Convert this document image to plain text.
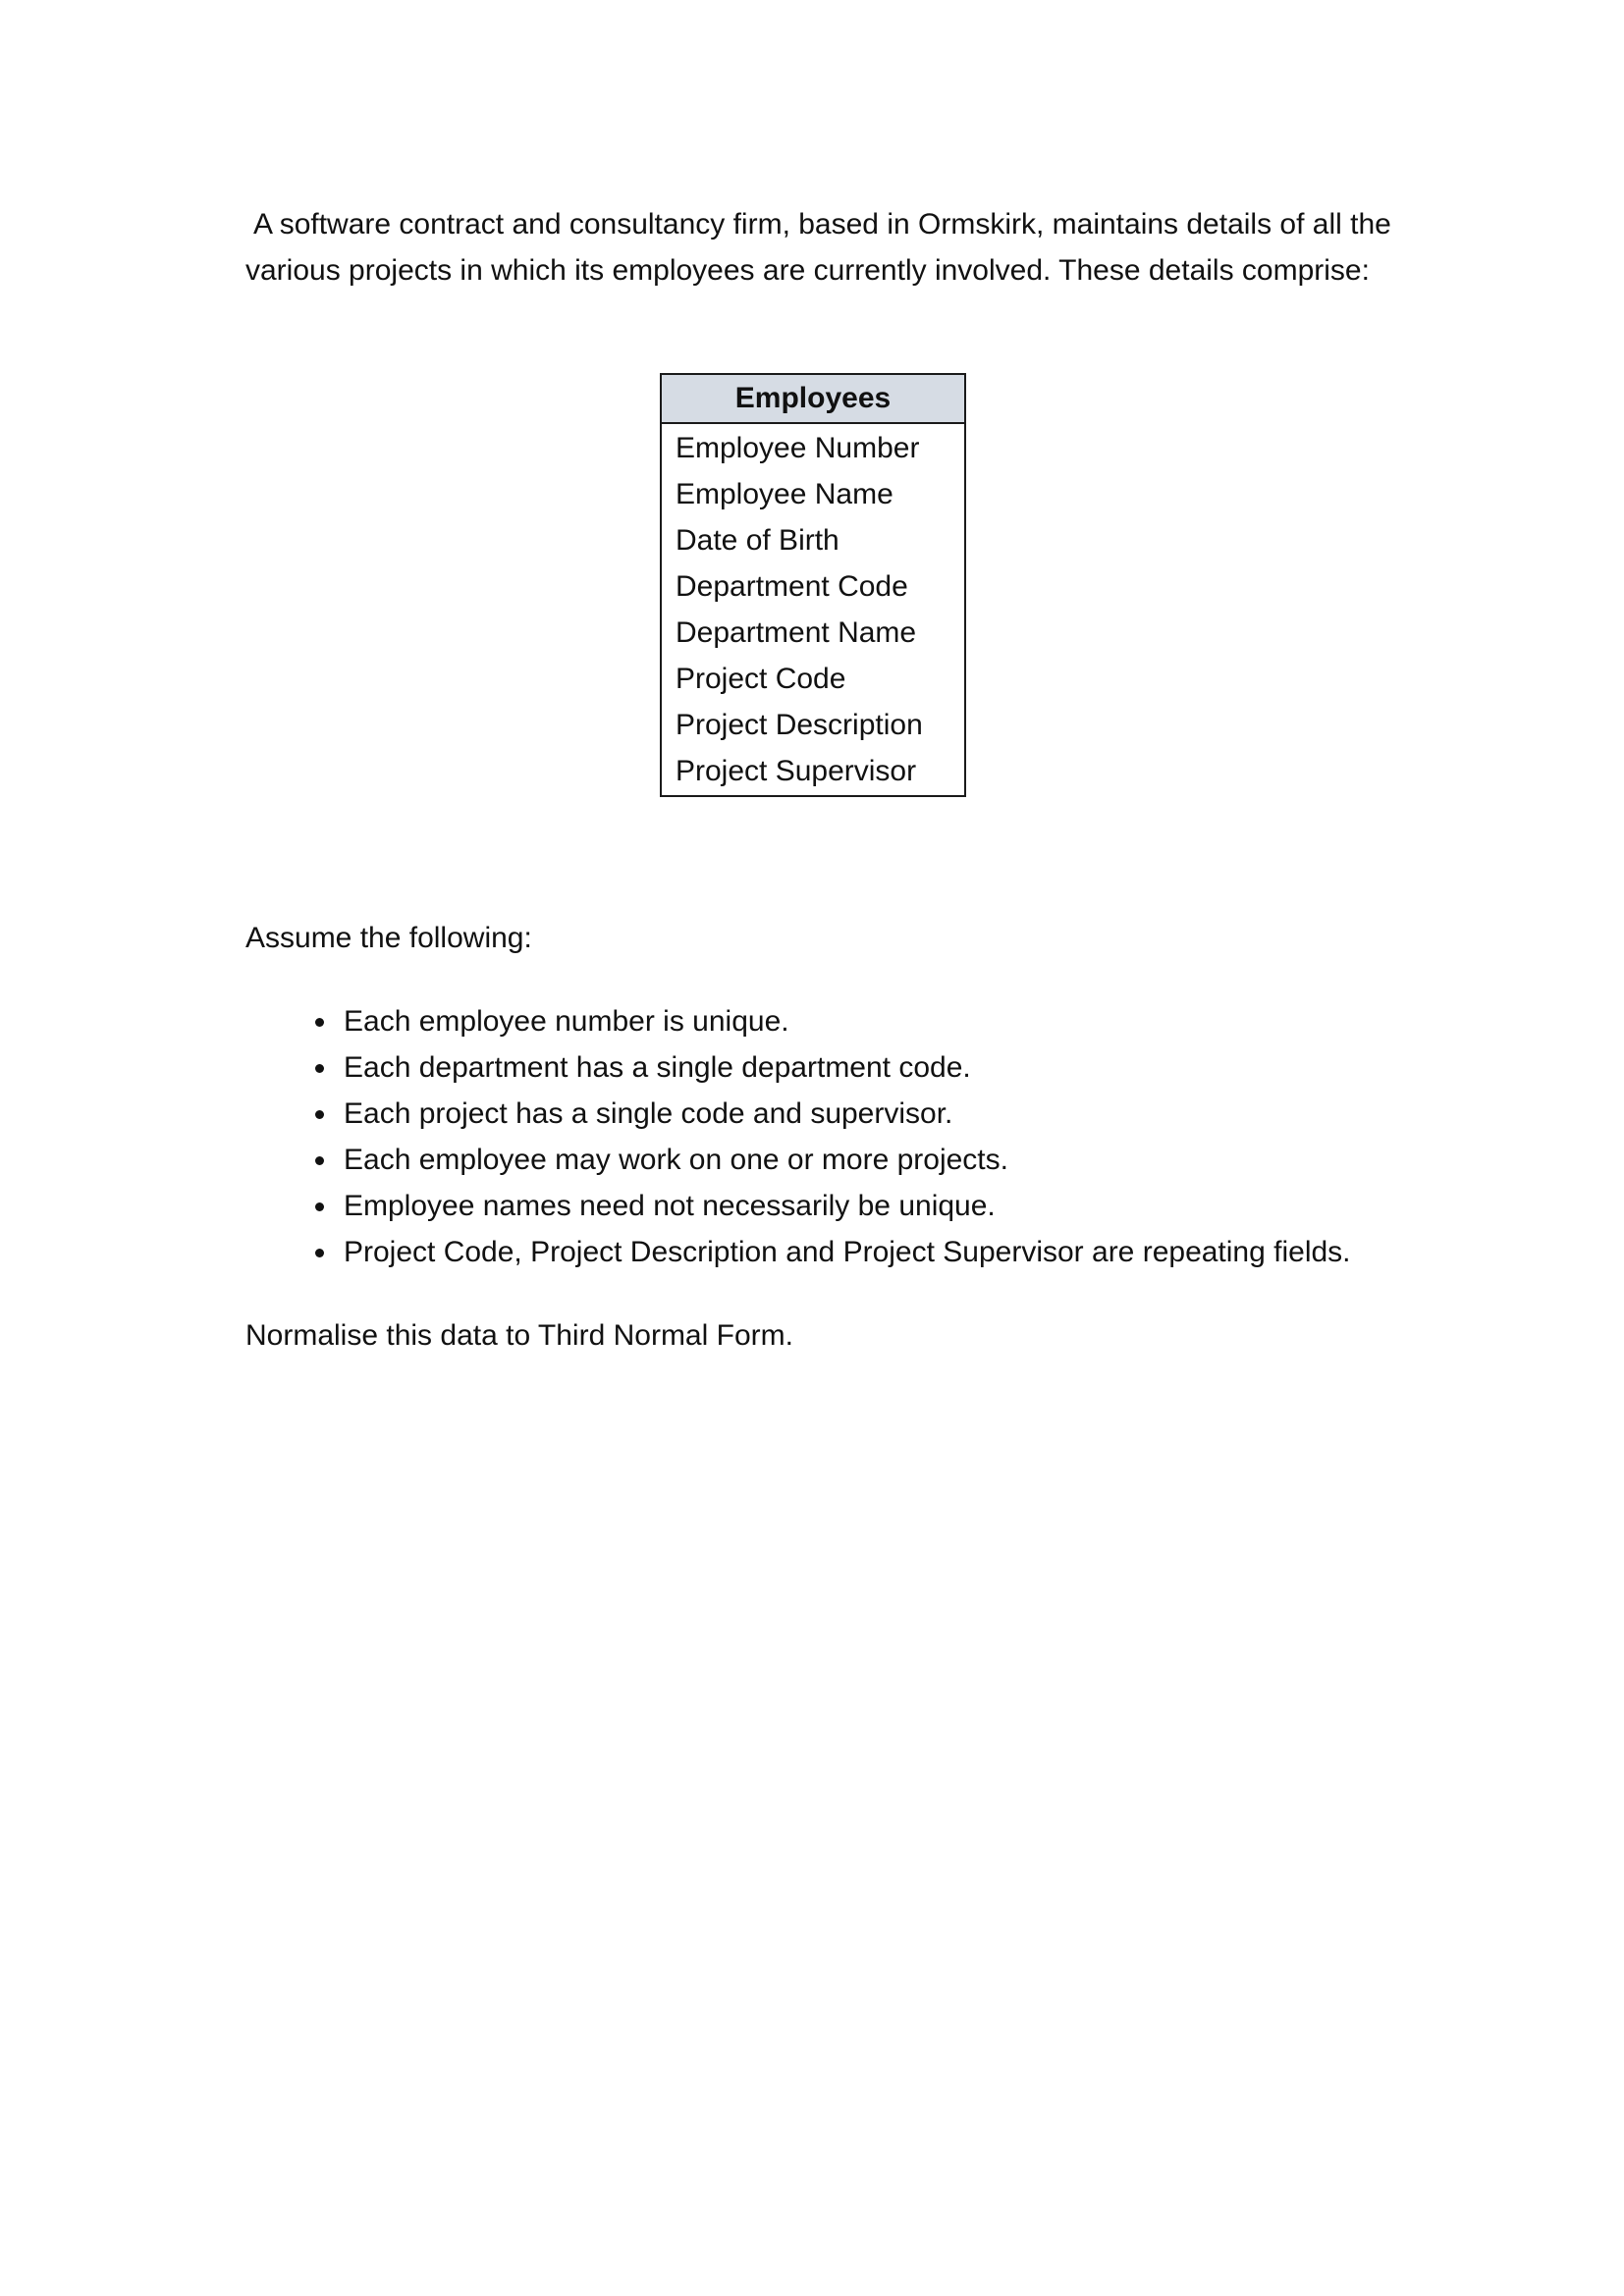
A software contract and consultancy firm, based in Ormskirk, maintains details of all the various projects in which its employees are currently involved. These details comprise:

Employees
Employee Number
Employee Name
Date of Birth
Department Code
Department Name
Project Code
Project Description
Project Supervisor

Assume the following:

Each employee number is unique.
Each department has a single department code.
Each project has a single code and supervisor.
Each employee may work on one or more projects.
Employee names need not necessarily be unique.
Project Code, Project Description and Project Supervisor are repeating fields.

Normalise this data to Third Normal Form.
